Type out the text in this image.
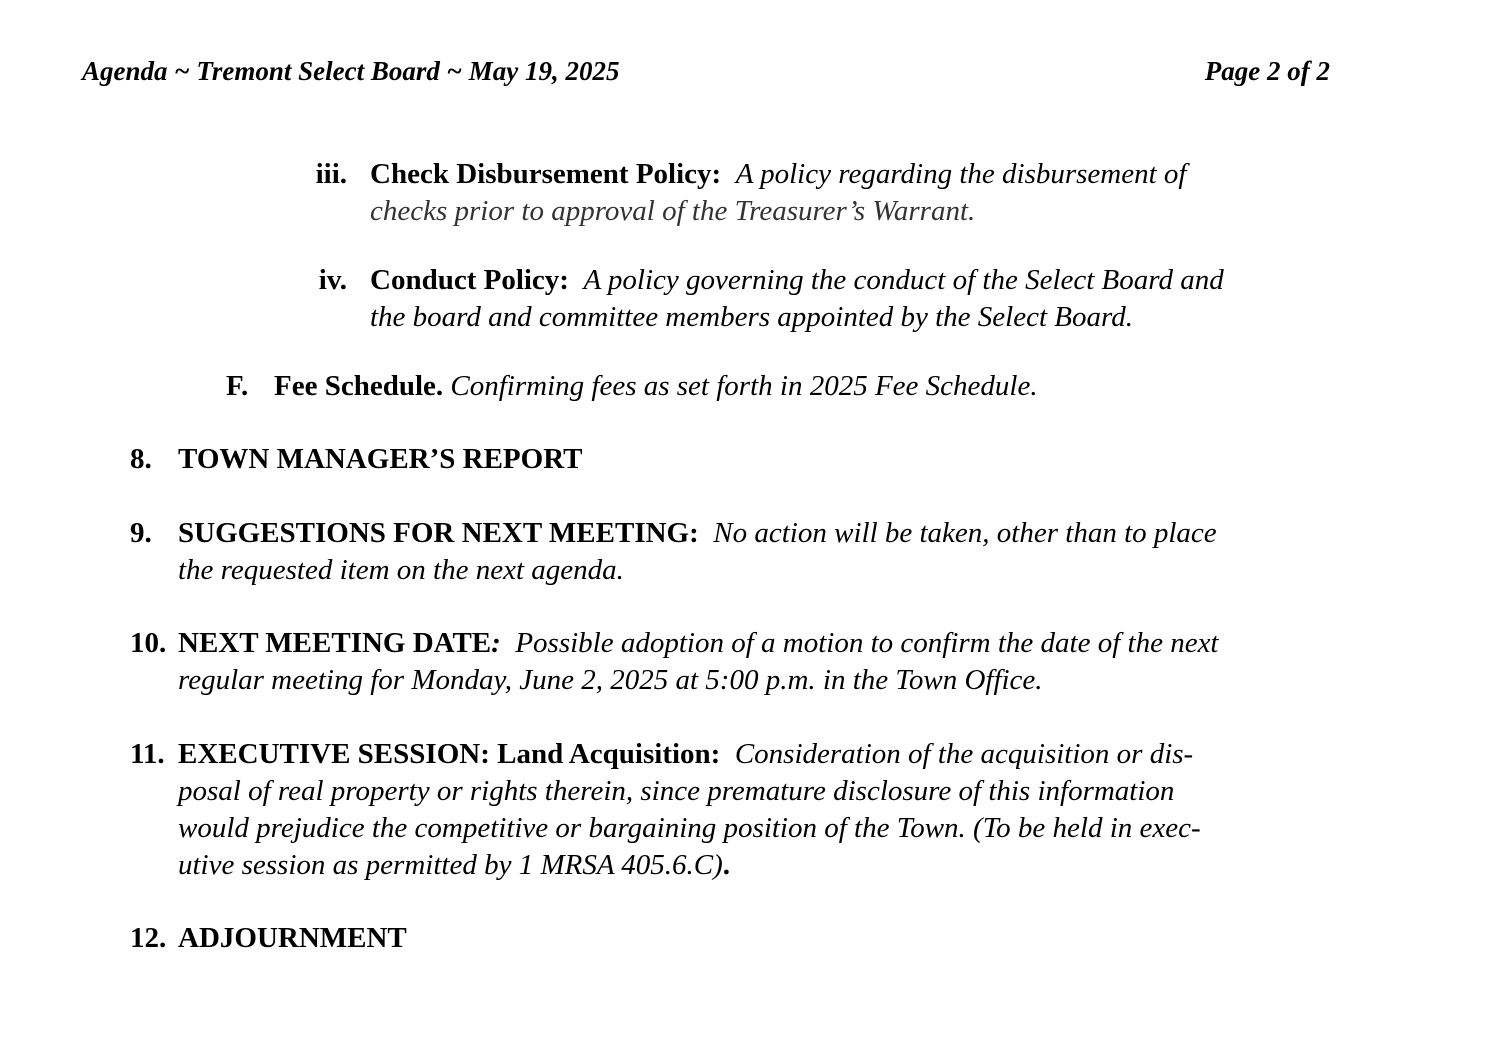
Agenda ~ Tremont Select Board ~ May 19, 2025	Page 2 of 2
iii. Check Disbursement Policy: A policy regarding the disbursement of
checks prior to approval of the Treasurer’s Warrant.
iv. Conduct Policy: A policy governing the conduct of the Select Board and
the board and committee members appointed by the Select Board.
F. Fee Schedule. Confirming fees as set forth in 2025 Fee Schedule.
8. TOWN MANAGER’S REPORT
9. SUGGESTIONS FOR NEXT MEETING: No action will be taken, other than to place
the requested item on the next agenda.
10. NEXT MEETING DATE: Possible adoption of a motion to confirm the date of the next
regular meeting for Monday, June 2, 2025 at 5:00 p.m. in the Town Office.
11. EXECUTIVE SESSION: Land Acquisition: Consideration of the acquisition or dis-
posal of real property or rights therein, since premature disclosure of this information
would prejudice the competitive or bargaining position of the Town. (To be held in exec-
utive session as permitted by 1 MRSA 405.6.C).
12. ADJOURNMENT
